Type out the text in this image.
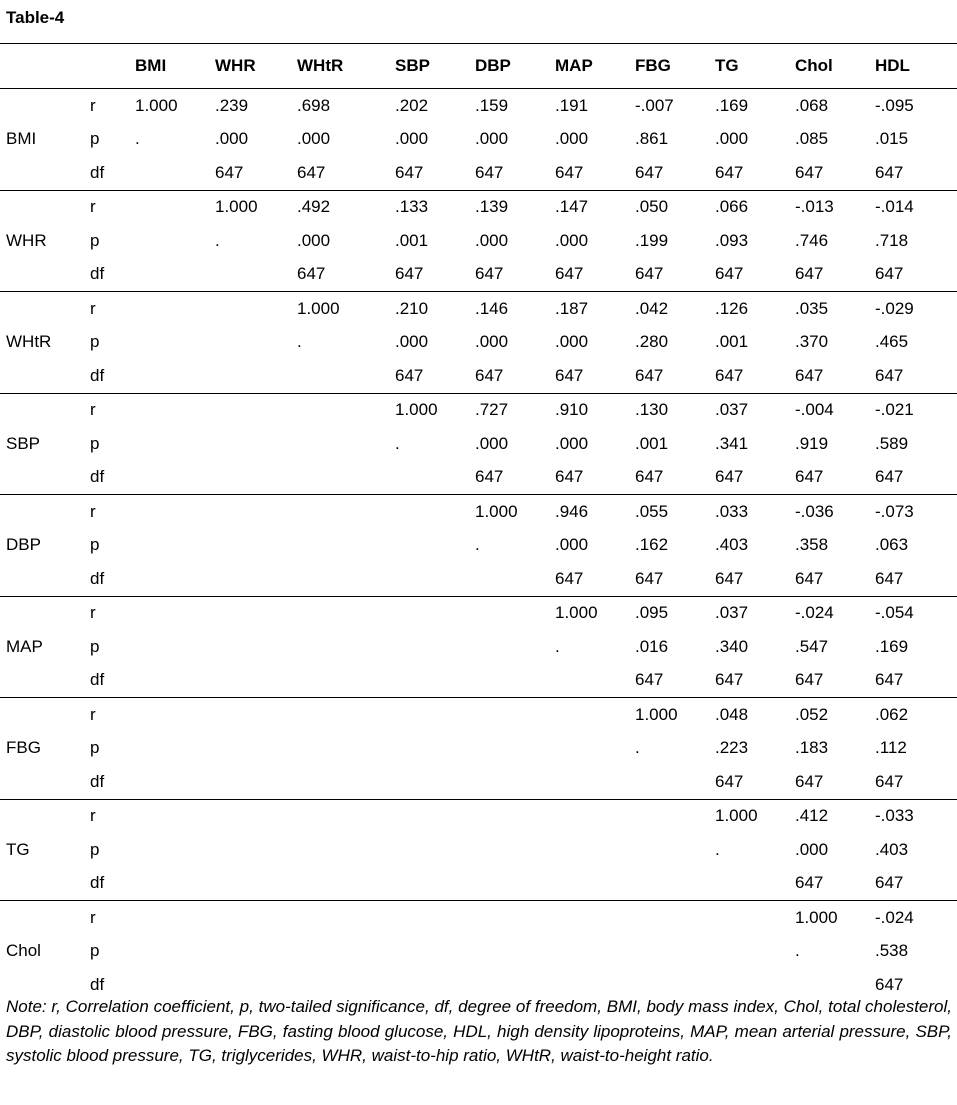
Table-4
		BMI	WHR	WHtR	SBP	DBP	MAP	FBG	TG	Chol	HDL
BMI	r	1.000	.239	.698	.202	.159	.191	-.007	.169	.068	-.095
	p	.	.000	.000	.000	.000	.000	.861	.000	.085	.015
	df		647	647	647	647	647	647	647	647	647
WHR	r		1.000	.492	.133	.139	.147	.050	.066	-.013	-.014
	p		.	.000	.001	.000	.000	.199	.093	.746	.718
	df			647	647	647	647	647	647	647	647
WHtR	r			1.000	.210	.146	.187	.042	.126	.035	-.029
	p			.	.000	.000	.000	.280	.001	.370	.465
	df				647	647	647	647	647	647	647
SBP	r				1.000	.727	.910	.130	.037	-.004	-.021
	p				.	.000	.000	.001	.341	.919	.589
	df					647	647	647	647	647	647
DBP	r					1.000	.946	.055	.033	-.036	-.073
	p					.	.000	.162	.403	.358	.063
	df						647	647	647	647	647
MAP	r						1.000	.095	.037	-.024	-.054
	p						.	.016	.340	.547	.169
	df							647	647	647	647
FBG	r							1.000	.048	.052	.062
	p							.	.223	.183	.112
	df								647	647	647
TG	r								1.000	.412	-.033
	p								.	.000	.403
	df									647	647
Chol	r									1.000	-.024
	p									.	.538
	df										647
Note: r, Correlation coefficient, p, two-tailed significance, df, degree of freedom, BMI, body mass index, Chol, total cholesterol, DBP, diastolic blood pressure, FBG, fasting blood glucose, HDL, high density lipoproteins, MAP, mean arterial pressure, SBP, systolic blood pressure, TG, triglycerides, WHR, waist-to-hip ratio, WHtR, waist-to-height ratio.
